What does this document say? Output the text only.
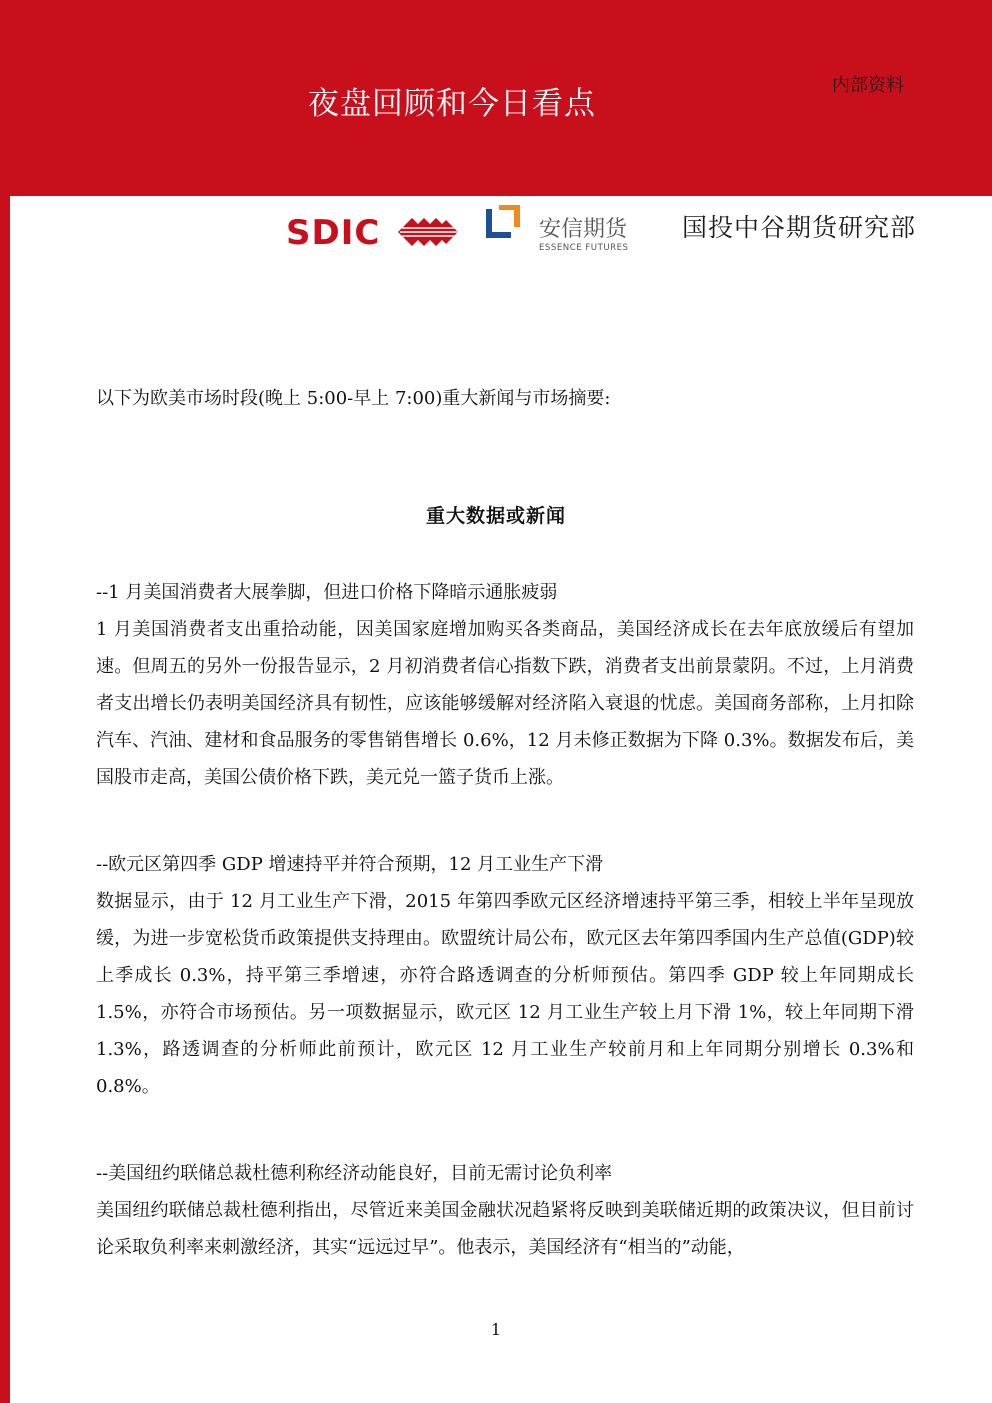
夜盘回顾和今日看点
内部资料
SDIC	安信期货
ESSENCE FUTURES
国投中谷期货研究部
以下为欧美市场时段(晚上 5:00-早上 7:00)重大新闻与市场摘要:
重大数据或新闻

--1 月美国消费者大展拳脚，但进口价格下降暗示通胀疲弱

1 月美国消费者支出重拾动能，因美国家庭增加购买各类商品，美国经济成长在去年底放缓后有望加速。但周五的另外一份报告显示，2 月初消费者信心指数下跌，消费者支出前景蒙阴。不过，上月消费者支出增长仍表明美国经济具有韧性，应该能够缓解对经济陷入衰退的忧虑。美国商务部称，上月扣除汽车、汽油、建材和食品服务的零售销售增长 0.6%，12 月未修正数据为下降 0.3%。数据发布后，美国股市走高，美国公债价格下跌，美元兑一篮子货币上涨。

--欧元区第四季 GDP 增速持平并符合预期，12 月工业生产下滑

数据显示，由于 12 月工业生产下滑，2015 年第四季欧元区经济增速持平第三季，相较上半年呈现放缓，为进一步宽松货币政策提供支持理由。欧盟统计局公布，欧元区去年第四季国内生产总值(GDP)较上季成长 0.3%，持平第三季增速，亦符合路透调查的分析师预估。第四季 GDP 较上年同期成长 1.5%，亦符合市场预估。另一项数据显示，欧元区 12 月工业生产较上月下滑 1%，较上年同期下滑 1.3%，路透调查的分析师此前预计，欧元区 12 月工业生产较前月和上年同期分别增长 0.3%和 0.8%。

--美国纽约联储总裁杜德利称经济动能良好，目前无需讨论负利率

美国纽约联储总裁杜德利指出，尽管近来美国金融状况趋紧将反映到美联储近期的政策决议，但目前讨论采取负利率来刺激经济，其实“远远过早”。他表示，美国经济有“相当的”动能，

1
